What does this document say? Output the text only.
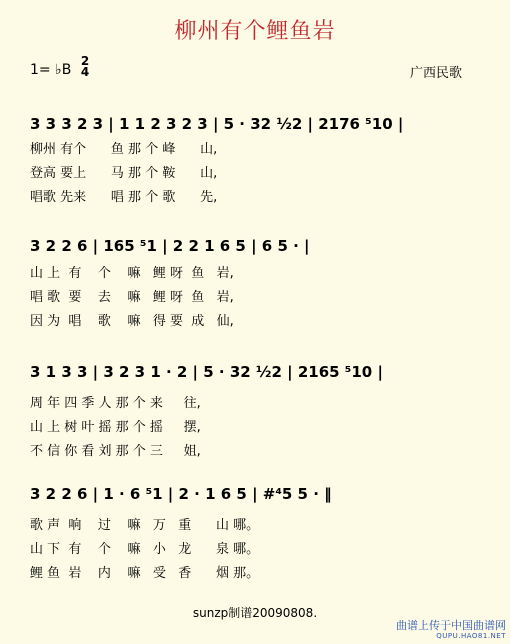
柳州有个鲤鱼岩
1= ♭B
2
4	广西民歌
3 3 3 2 3 | 1 1 2 3 2 3 | 5 · 32 ½2 | 2176 ⁵10 |
柳州 有个      鱼 那 个 峰      山,
登高 要上      马 那 个 鞍      山,
唱歌 先来      唱 那 个 歌      先,
3 2 2 6 | 165 ⁵1 | 2 2 1 6 5 | 6 5 · |
山 上  有    个    嘛   鲤 呀  鱼   岩,
唱 歌  要    去    嘛   鲤 呀  鱼   岩,
因 为  唱    歌    嘛   得 要  成   仙,
3 1 3 3 | 3 2 3 1 · 2 | 5 · 32 ½2 | 2165 ⁵10 |
周 年 四 季 人 那 个 来     往,
山 上 树 叶 摇 那 个 摇     摆,
不 信 你 看 刘 那 个 三     姐,
3 2 2 6 | 1 · 6 ⁵1 | 2 · 1 6 5 | #⁴5 5 · ‖
歌 声  响    过    嘛   万   重      山 哪。
山 下  有    个    嘛   小   龙      泉 哪。
鲤 鱼  岩    内    嘛   受   香      烟 那。
sunzp制谱20090808.
曲谱上传于中国曲谱网
QUPU.HAO81.NET
